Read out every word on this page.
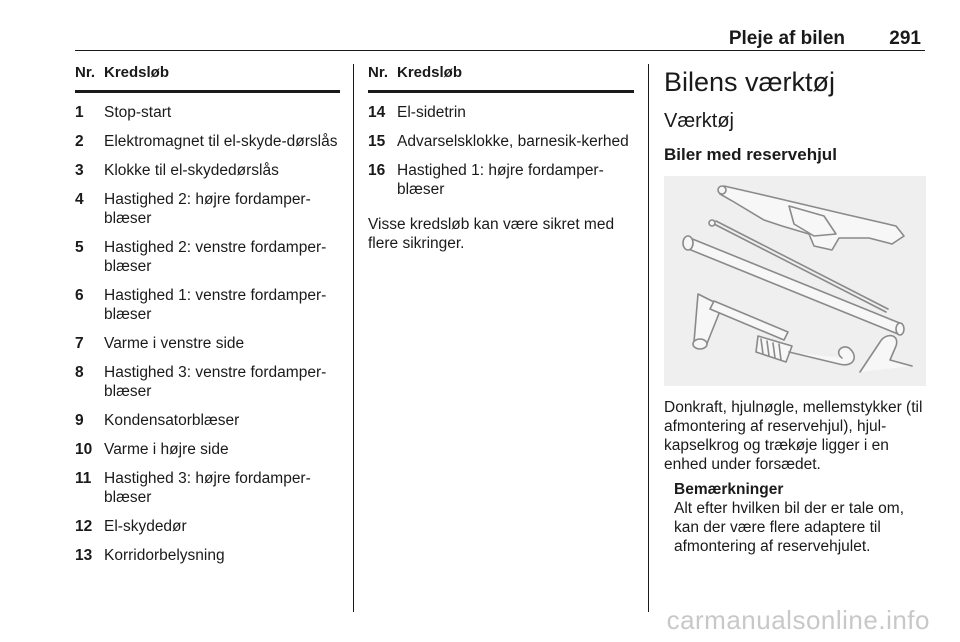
Pleje af bilen 291
Nr. Kredsløb
1	Stop-start
2	Elektromagnet til el-skyde-dørslås
3	Klokke til el-skydedørslås
4	Hastighed 2: højre fordamper-blæser
5	Hastighed 2: venstre fordamper-blæser
6	Hastighed 1: venstre fordamper-blæser
7	Varme i venstre side
8	Hastighed 3: venstre fordamper-blæser
9	Kondensatorblæser
10 Varme i højre side
11 Hastighed 3: højre fordamper-blæser
12 El-skydedør
13 Korridorbelysning
Nr. Kredsløb
14 El-sidetrin
15 Advarselsklokke, barnesik-kerhed
16 Hastighed 1: højre fordamper-blæser
Visse kredsløb kan være sikret med flere sikringer.
Bilens værktøj
Værktøj
Biler med reservehjul
Donkraft, hjulnøgle, mellemstykker (til afmontering af reservehjul), hjul-kapselkrog og trækøje ligger i en enhed under forsædet.
Bemærkninger
Alt efter hvilken bil der er tale om, kan der være flere adaptere til afmontering af reservehjulet.
carmanualsonline.info
